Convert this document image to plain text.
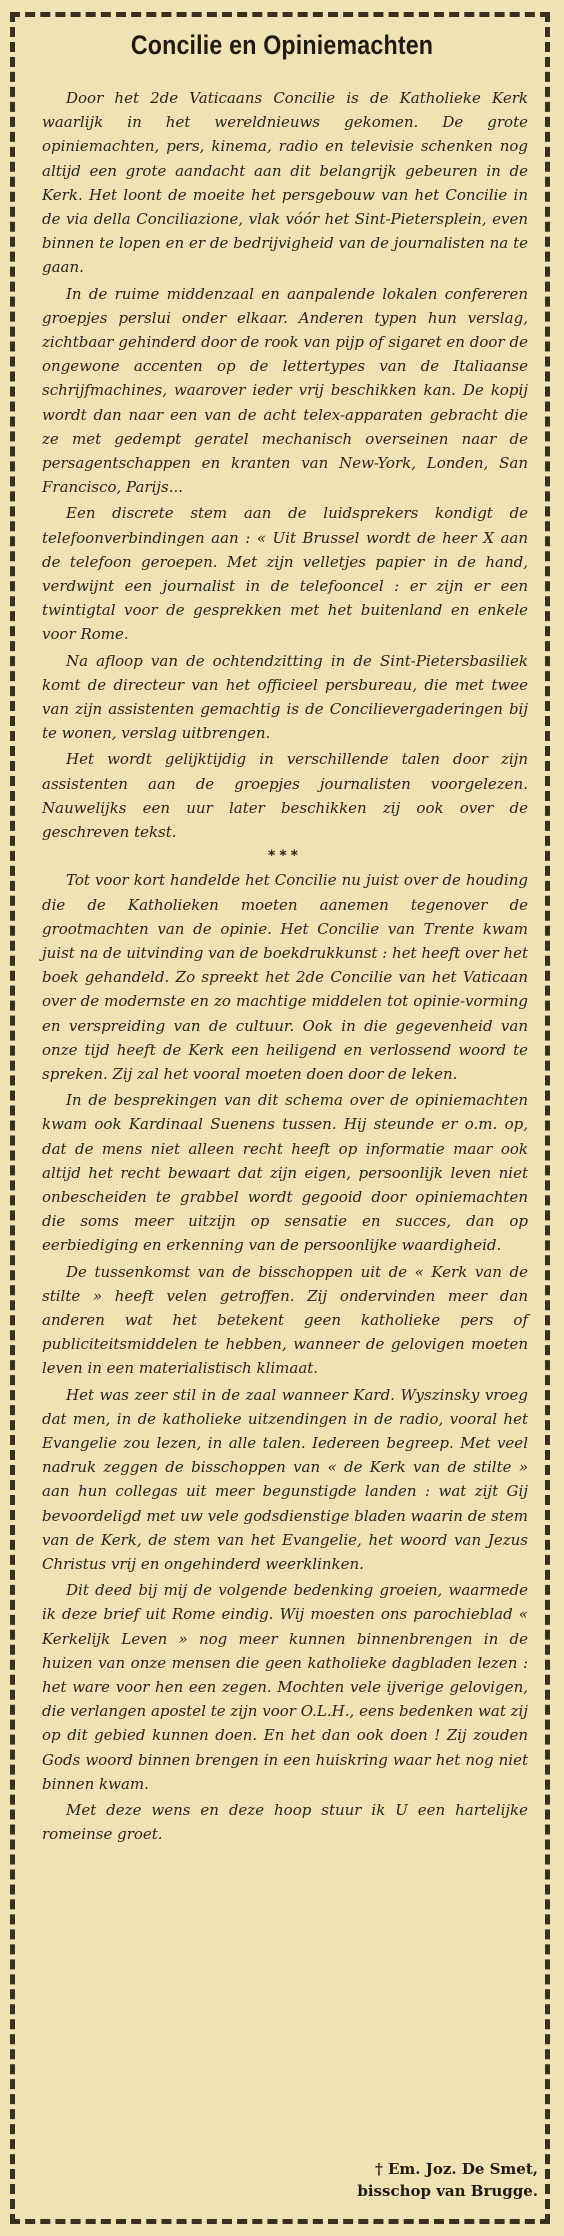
Concilie en Opiniemachten

Door het 2de Vaticaans Concilie is de Katholieke Kerk waarlijk in het wereldnieuws gekomen. De grote opiniemachten, pers, kinema, radio en televisie schenken nog altijd een grote aandacht aan dit belangrijk gebeuren in de Kerk. Het loont de moeite het persgebouw van het Concilie in de via della Conciliazione, vlak vóór het Sint-Pietersplein, even binnen te lopen en er de bedrijvigheid van de journalisten na te gaan.

In de ruime middenzaal en aanpalende lokalen confereren groepjes perslui onder elkaar. Anderen typen hun verslag, zichtbaar gehinderd door de rook van pijp of sigaret en door de ongewone accenten op de lettertypes van de Italiaanse schrijfmachines, waarover ieder vrij beschikken kan. De kopij wordt dan naar een van de acht telex-apparaten gebracht die ze met gedempt geratel mechanisch overseinen naar de persagentschappen en kranten van New-York, Londen, San Francisco, Parijs...

Een discrete stem aan de luidsprekers kondigt de telefoonverbindingen aan : « Uit Brussel wordt de heer X aan de telefoon geroepen. Met zijn velletjes papier in de hand, verdwijnt een journalist in de telefooncel : er zijn er een twintigtal voor de gesprekken met het buitenland en enkele voor Rome.

Na afloop van de ochtendzitting in de Sint-Pietersbasiliek komt de directeur van het officieel persbureau, die met twee van zijn assistenten gemachtig is de Concilievergaderingen bij te wonen, verslag uitbrengen.

Het wordt gelijktijdig in verschillende talen door zijn assistenten aan de groepjes journalisten voorgelezen. Nauwelijks een uur later beschikken zij ook over de geschreven tekst.

***

Tot voor kort handelde het Concilie nu juist over de houding die de Katholieken moeten aanemen tegenover de grootmachten van de opinie. Het Concilie van Trente kwam juist na de uitvinding van de boekdrukkunst : het heeft over het boek gehandeld. Zo spreekt het 2de Concilie van het Vaticaan over de modernste en zo machtige middelen tot opinie-vorming en verspreiding van de cultuur. Ook in die gegevenheid van onze tijd heeft de Kerk een heiligend en verlossend woord te spreken. Zij zal het vooral moeten doen door de leken.

In de besprekingen van dit schema over de opiniemachten kwam ook Kardinaal Suenens tussen. Hij steunde er o.m. op, dat de mens niet alleen recht heeft op informatie maar ook altijd het recht bewaart dat zijn eigen, persoonlijk leven niet onbescheiden te grabbel wordt gegooid door opiniemachten die soms meer uitzijn op sensatie en succes, dan op eerbiediging en erkenning van de persoonlijke waardigheid.

De tussenkomst van de bisschoppen uit de « Kerk van de stilte » heeft velen getroffen. Zij ondervinden meer dan anderen wat het betekent geen katholieke pers of publiciteitsmiddelen te hebben, wanneer de gelovigen moeten leven in een materialistisch klimaat.

Het was zeer stil in de zaal wanneer Kard. Wyszinsky vroeg dat men, in de katholieke uitzendingen in de radio, vooral het Evangelie zou lezen, in alle talen. Iedereen begreep. Met veel nadruk zeggen de bisschoppen van « de Kerk van de stilte » aan hun collegas uit meer begunstigde landen : wat zijt Gij bevoordeligd met uw vele godsdienstige bladen waarin de stem van de Kerk, de stem van het Evangelie, het woord van Jezus Christus vrij en ongehinderd weerklinken.

Dit deed bij mij de volgende bedenking groeien, waarmede ik deze brief uit Rome eindig. Wij moesten ons parochieblad « Kerkelijk Leven » nog meer kunnen binnenbrengen in de huizen van onze mensen die geen katholieke dagbladen lezen : het ware voor hen een zegen. Mochten vele ijverige gelovigen, die verlangen apostel te zijn voor O.L.H., eens bedenken wat zij op dit gebied kunnen doen. En het dan ook doen ! Zij zouden Gods woord binnen brengen in een huiskring waar het nog niet binnen kwam.

Met deze wens en deze hoop stuur ik U een hartelijke romeinse groet.

† Em. Joz. De Smet,
bisschop van Brugge.
